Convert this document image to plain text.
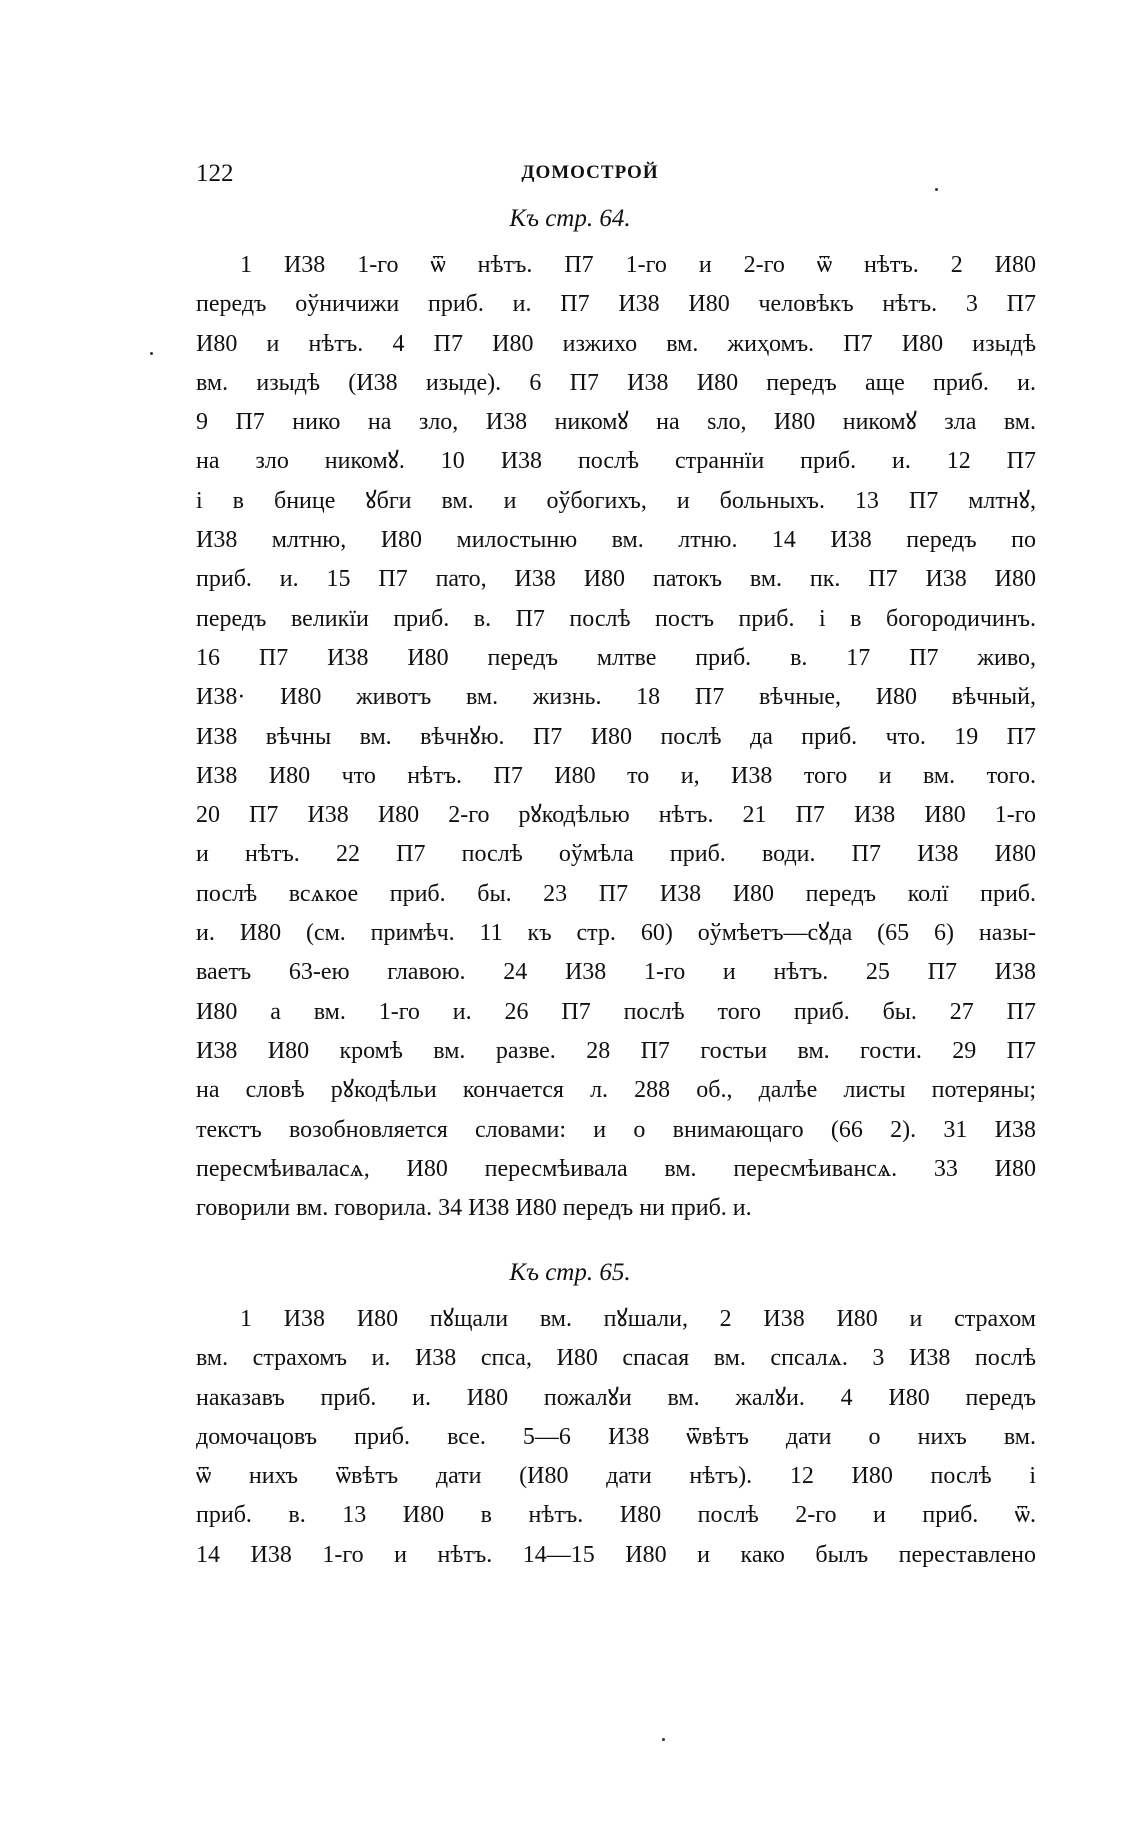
122	ДОМОСТРОЙ
Къ стр. 64.
1 И38 1-го ѿ нѣтъ. П7 1-го и 2-го ѿ нѣтъ. 2 И80
передъ оўничижи приб. и. П7 И38 И80 человѣкъ нѣтъ. 3 П7
И80 и нѣтъ. 4 П7 И80 изжихо вм. жиҳомъ. П7 И80 изыдѣ
вм. изыдѣ (И38 изыде). 6 П7 И38 И80 передъ аще приб. и.
9 П7 нико на зло, И38 никомꙋ на ѕло, И80 никомꙋ зла вм.
на зло никомꙋ. 10 И38 послѣ страннїи приб. и. 12 П7
і в бнице ꙋбги вм. и оўбогихъ, и больныхъ. 13 П7 млтнꙋ,
И38 млтню, И80 милостыню вм. лтню. 14 И38 передъ по
приб. и. 15 П7 пато, И38 И80 патокъ вм. пк. П7 И38 И80
передъ великїи приб. в. П7 послѣ постъ приб. і в богородичинъ.
16 П7 И38 И80 передъ млтве приб. в. 17 П7 живо,
И38· И80 животъ вм. жизнь. 18 П7 вѣчные, И80 вѣчный,
И38 вѣчны вм. вѣчнꙋю. П7 И80 послѣ да приб. что. 19 П7
И38 И80 что нѣтъ. П7 И80 то и, И38 того и вм. того.
20 П7 И38 И80 2-го рꙋкодѣлью нѣтъ. 21 П7 И38 И80 1-го
и нѣтъ. 22 П7 послѣ оўмѣла приб. води. П7 И38 И80
послѣ всѧкое приб. бы. 23 П7 И38 И80 передъ колї приб.
и. И80 (см. примѣч. 11 къ стр. 60) оўмѣетъ—сꙋда (65 6) назы-
ваетъ 63-ею главою. 24 И38 1-го и нѣтъ. 25 П7 И38
И80 а вм. 1-го и. 26 П7 послѣ того приб. бы. 27 П7
И38 И80 кромѣ вм. разве. 28 П7 гостьи вм. гости. 29 П7
на словѣ рꙋкодѣльи кончается л. 288 об., далѣе листы потеряны;
текстъ возобновляется словами: и о внимающаго (66 2). 31 И38
пересмѣиваласѧ, И80 пересмѣивала вм. пересмѣивансѧ. 33 И80
говорили вм. говорила. 34 И38 И80 передъ ни приб. и.
Къ стр. 65.
1 И38 И80 пꙋщали вм. пꙋшали, 2 И38 И80 и страхом
вм. страхомъ и. И38 спса, И80 спасая вм. спсалѧ. 3 И38 послѣ
наказавъ приб. и. И80 пожалꙋи вм. жалꙋи. 4 И80 передъ
домочацовъ приб. все. 5—6 И38 ѿвѣтъ дати о нихъ вм.
ѿ нихъ ѿвѣтъ дати (И80 дати нѣтъ). 12 И80 послѣ і
приб. в. 13 И80 в нѣтъ. И80 послѣ 2-го и приб. ѿ.
14 И38 1-го и нѣтъ. 14—15 И80 и како былъ переставлено
